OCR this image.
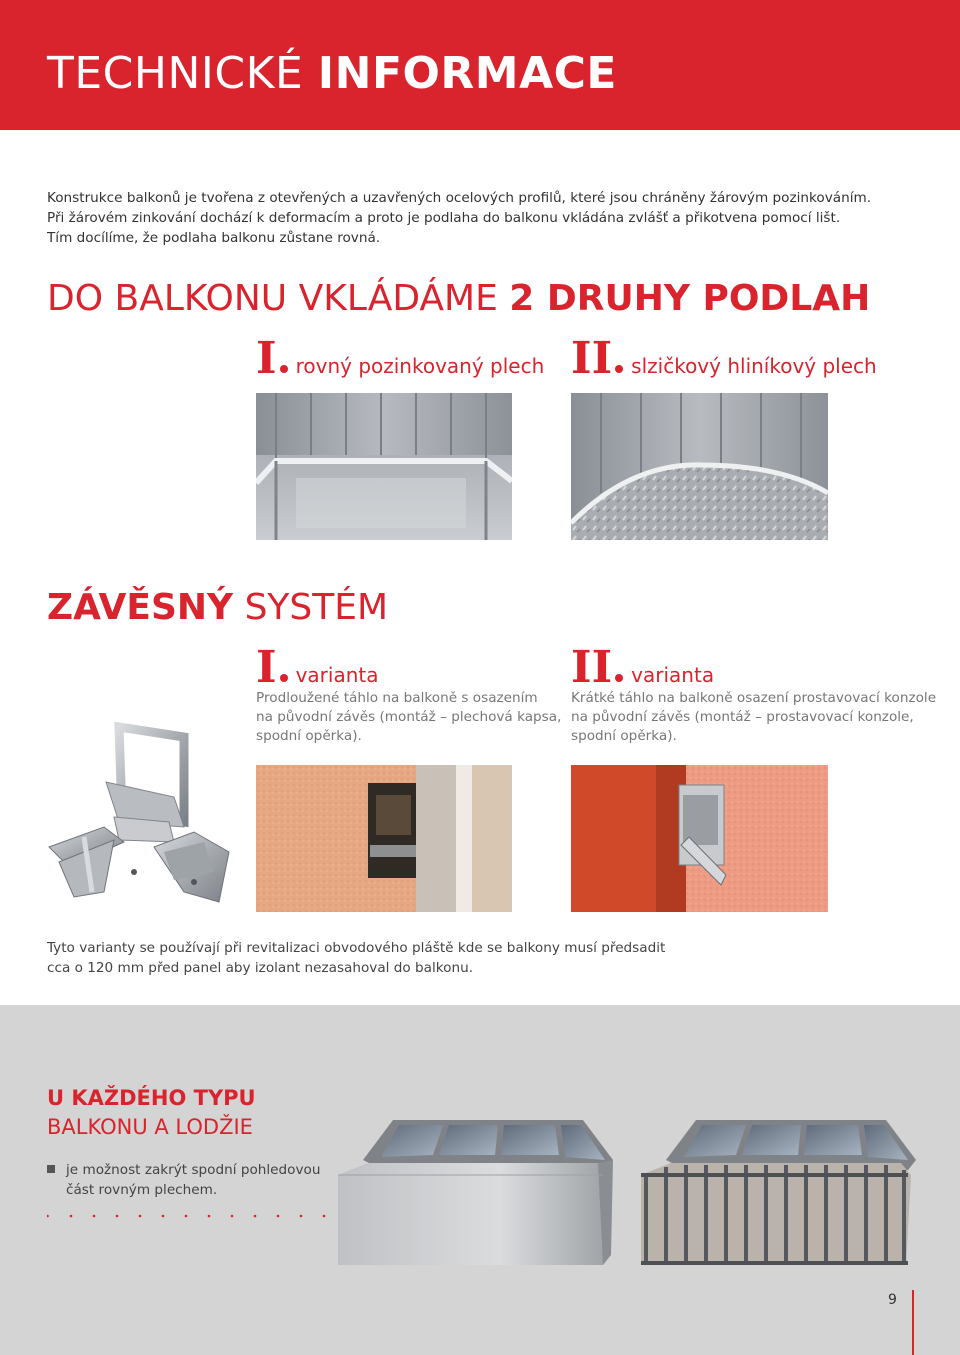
TECHNICKÉ INFORMACE

Konstrukce balkonů je tvořena z otevřených a uzavřených ocelových profilů, které jsou chráněny žárovým pozinkováním.

Při žárovém zinkování dochází k deformacím a proto je podlaha do balkonu vkládána zvlášť a přikotvena pomocí lišt.

Tím docílíme, že podlaha balkonu zůstane rovná.

DO BALKONU VKLÁDÁME 2 DRUHY PODLAH
I rovný pozinkovaný plech II slzičkový hliníkový plech
ZÁVĚSNÝ SYSTÉM
I varianta

Prodloužené táhlo na balkoně s osazením

na původní závěs (montáž – plechová kapsa,

spodní opěrka).

II varianta

Krátké táhlo na balkoně osazení prostavovací konzole

na původní závěs (montáž – prostavovací konzole,

spodní opěrka).

Tyto varianty se používají při revitalizaci obvodového pláště kde se balkony musí předsadit

cca o 120 mm před panel aby izolant nezasahoval do balkonu.

U KAŽDÉHO TYPU
BALKONU A LODŽIE

je možnost zakrýt spodní pohledovou

část rovným plechem.

9
